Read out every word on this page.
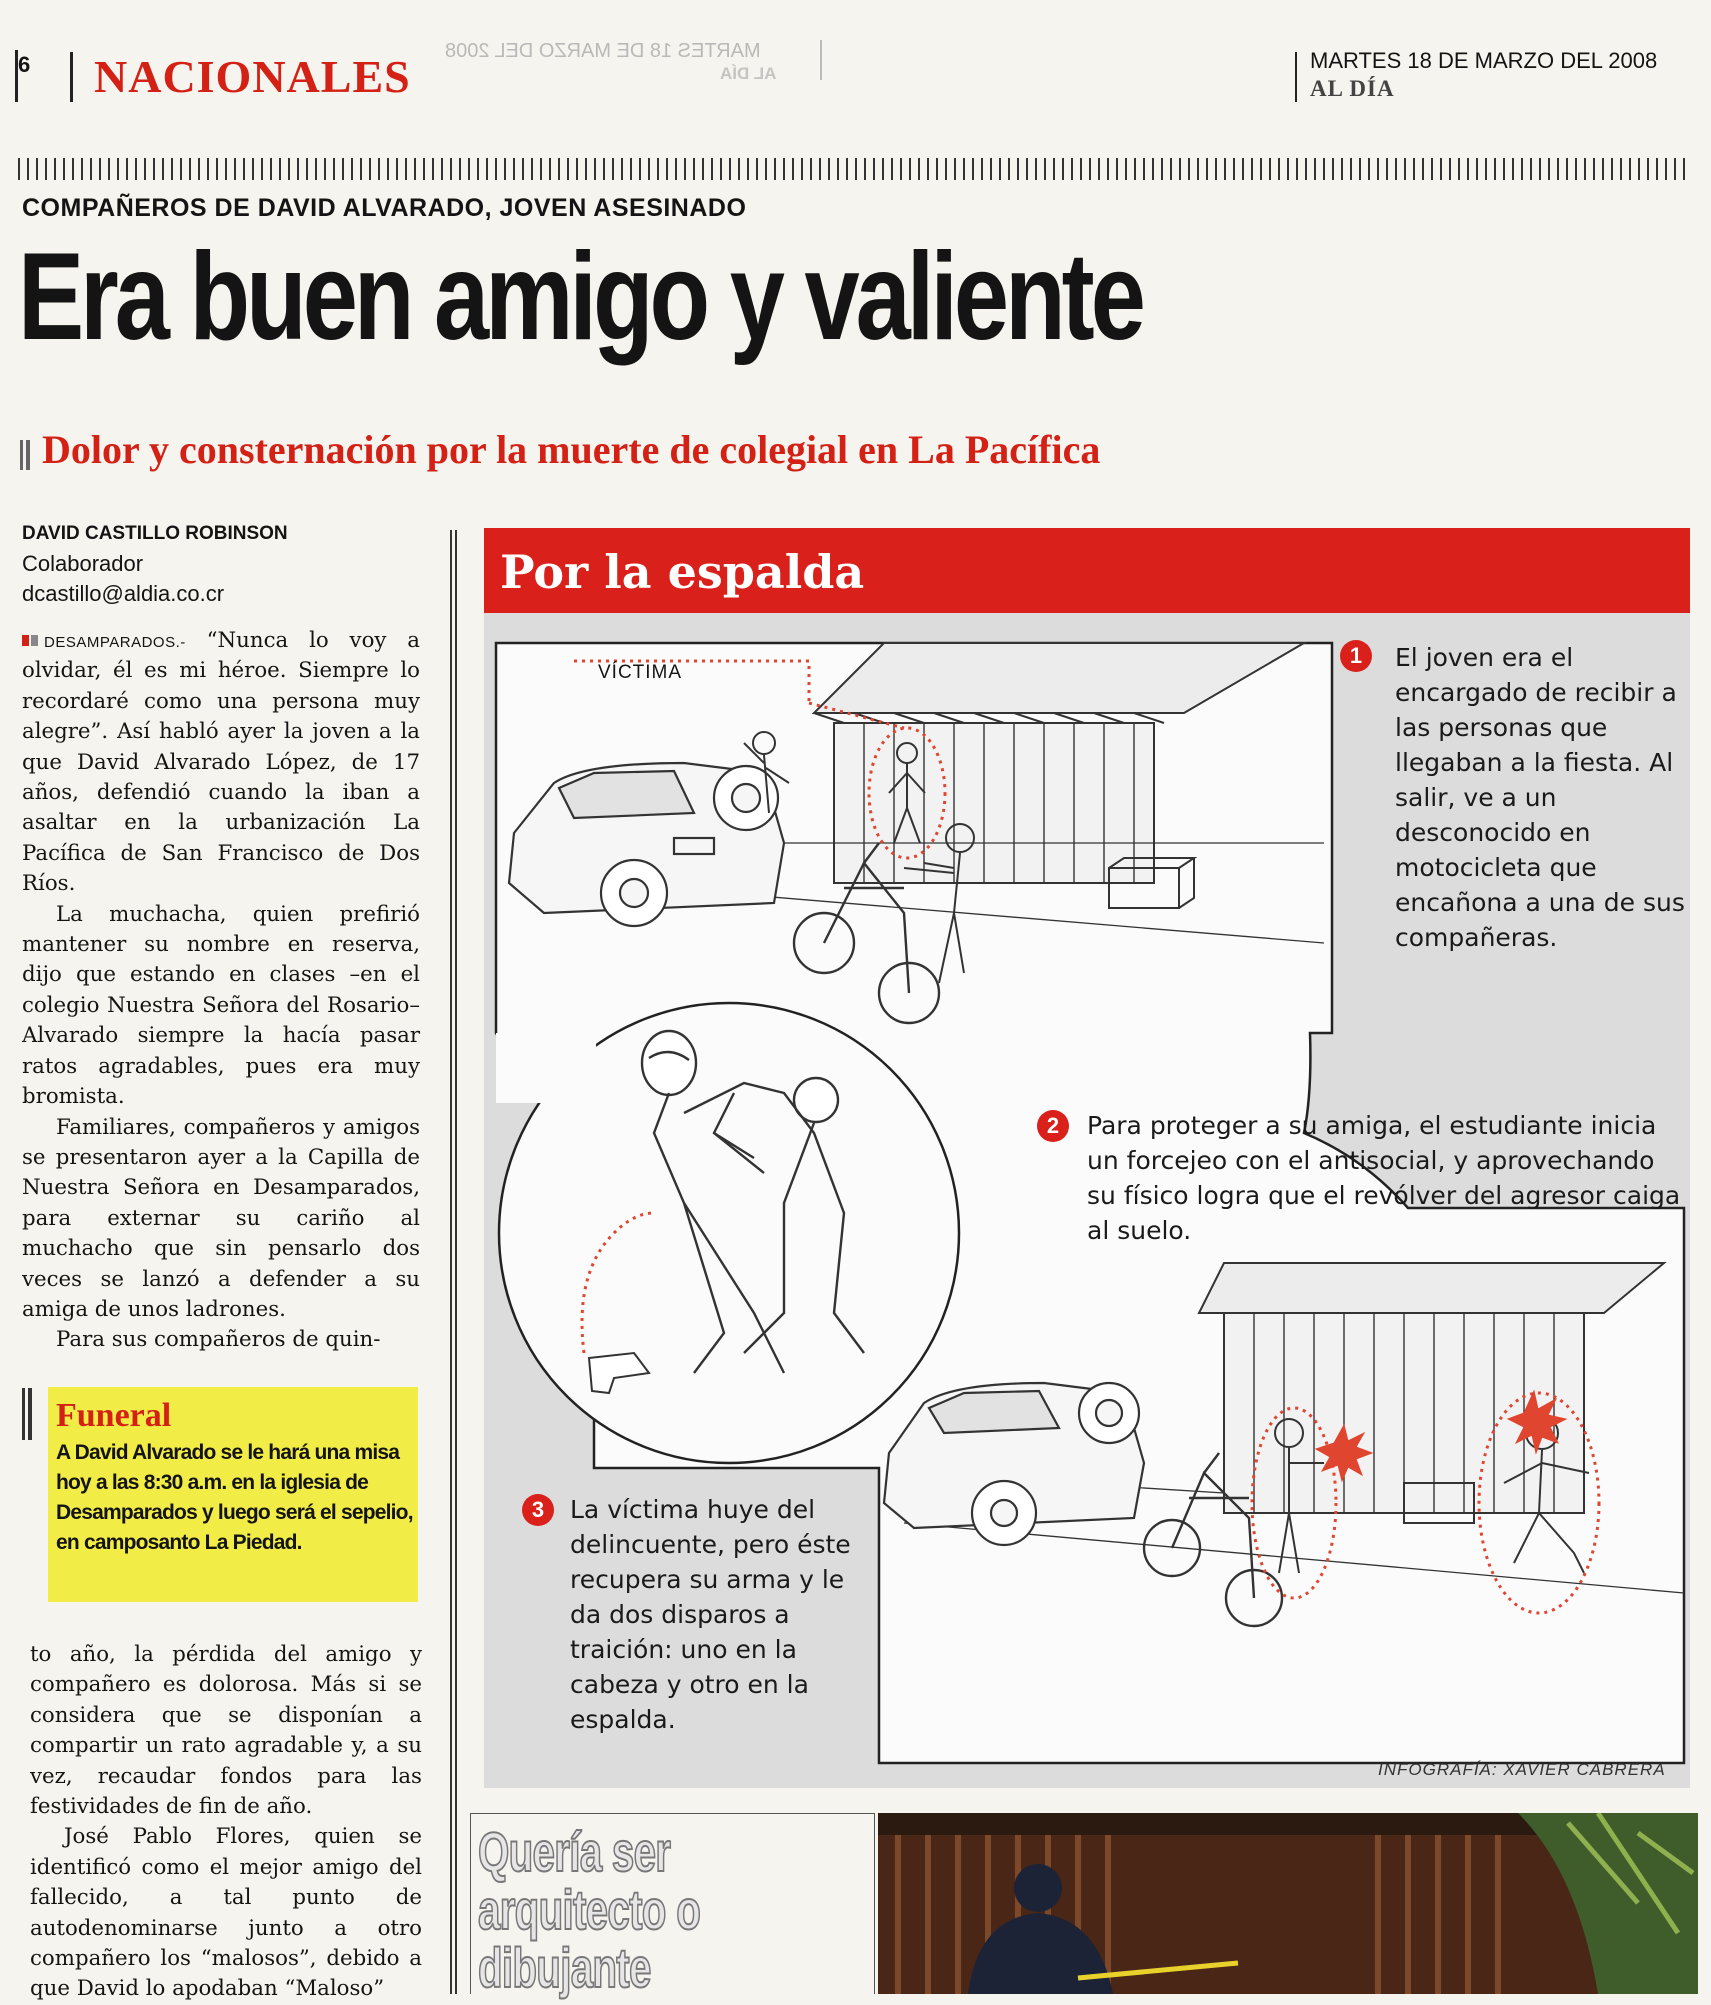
6 NACIONALES MARTES 18 DE MARZO DEL 2008
AL DÍA
MARTES 18 DE MARZO DEL 2008
AL DÍA
COMPAÑEROS DE DAVID ALVARADO, JOVEN ASESINADO
Era buen amigo y valiente
Dolor y consternación por la muerte de colegial en La Pacífica
DAVID CASTILLO ROBINSON
Colaborador
dcastillo@aldia.co.cr

DESAMPARADOS.- “Nunca lo voy a olvidar, él es mi héroe. Siempre lo recordaré como una persona muy alegre”. Así habló ayer la joven a la que David Alvarado López, de 17 años, defendió cuando la iban a asaltar en la urbanización La Pacífica de San Francisco de Dos Ríos.

La muchacha, quien prefirió mantener su nombre en reserva, dijo que estando en clases –en el colegio Nuestra Señora del Rosario– Alvarado siempre la hacía pasar ratos agradables, pues era muy bromista.

Familiares, compañeros y amigos se presentaron ayer a la Capilla de Nuestra Señora en Desamparados, para externar su cariño al muchacho que sin pensarlo dos veces se lanzó a defender a su amiga de unos ladrones.

Para sus compañeros de quin-

Funeral
A David Alvarado se le hará una misa hoy a las 8:30 a.m. en la iglesia de Desamparados y luego será el sepelio, en camposanto La Piedad.

to año, la pérdida del amigo y compañero es dolorosa. Más si se considera que se disponían a compartir un rato agradable y, a su vez, recaudar fondos para las festividades de fin de año.

José Pablo Flores, quien se identificó como el mejor amigo del fallecido, a tal punto de autodenominarse junto a otro compañero los “malosos”, debido a que David lo apodaban “Maloso”

Por la espalda
VÍCTIMA
1	El joven era el encargado de recibir a las personas que llegaban a la fiesta. Al salir, ve a un desconocido en motocicleta que encañona a una de sus compañeras.
2	Para proteger a su amiga, el estudiante inicia un forcejeo con el antisocial, y aprovechando su físico logra que el revólver del agresor caiga al suelo.
3	La víctima huye del delincuente, pero éste recupera su arma y le da dos disparos a traición: uno en la cabeza y otro en la espalda.
INFOGRAFÍA: XAVIER CABRERA
Quería ser arquitecto o dibujante
